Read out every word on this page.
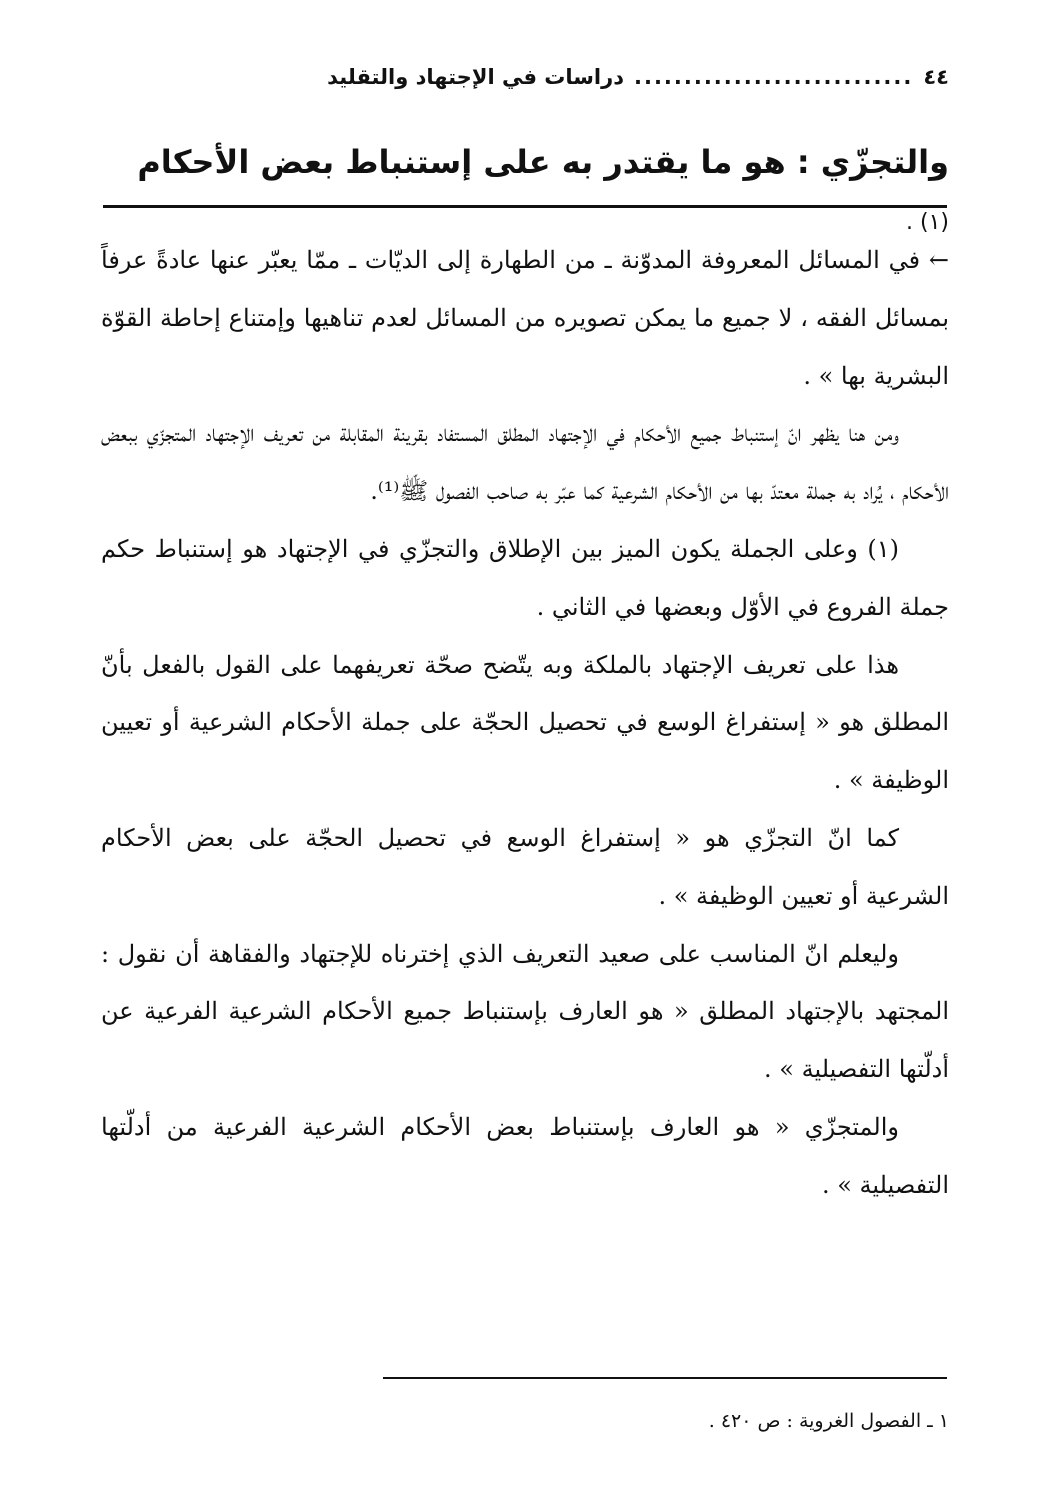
٤٤
............................
دراسات في الإجتهاد والتقليد
والتجزّي : هو ما يقتدر به على إستنباط بعض الأحكام (١) .

← في المسائل المعروفة المدوّنة ـ من الطهارة إلى الديّات ـ ممّا يعبّر عنها عادةً عرفاً بمسائل الفقه ، لا جميع ما يمكن تصويره من المسائل لعدم تناهيها وإمتناع إحاطة القوّة البشرية بها » .

ومن هنا يظهر انّ إستنباط جميع الأحكام في الإجتهاد المطلق المستفاد بقرينة المقابلة من تعريف الإجتهاد المتجزّي ببعض الأحكام ، يُراد به جملة معتدّ بها من الأحكام الشرعية كما عبّر به صاحب الفصول ﷺ⁽¹⁾.

(١) وعلى الجملة يكون الميز بين الإطلاق والتجزّي في الإجتهاد هو إستنباط حكم جملة الفروع في الأوّل وبعضها في الثاني .

هذا على تعريف الإجتهاد بالملكة وبه يتّضح صحّة تعريفهما على القول بالفعل بأنّ المطلق هو « إستفراغ الوسع في تحصيل الحجّة على جملة الأحكام الشرعية أو تعيين الوظيفة » .

كما انّ التجزّي هو « إستفراغ الوسع في تحصيل الحجّة على بعض الأحكام الشرعية أو تعيين الوظيفة » .

وليعلم انّ المناسب على صعيد التعريف الذي إخترناه للإجتهاد والفقاهة أن نقول : المجتهد بالإجتهاد المطلق « هو العارف بإستنباط جميع الأحكام الشرعية الفرعية عن أدلّتها التفصيلية » .

والمتجزّي « هو العارف بإستنباط بعض الأحكام الشرعية الفرعية من أدلّتها التفصيلية » .

١ ـ الفصول الغروية : ص ٤٢٠ .
